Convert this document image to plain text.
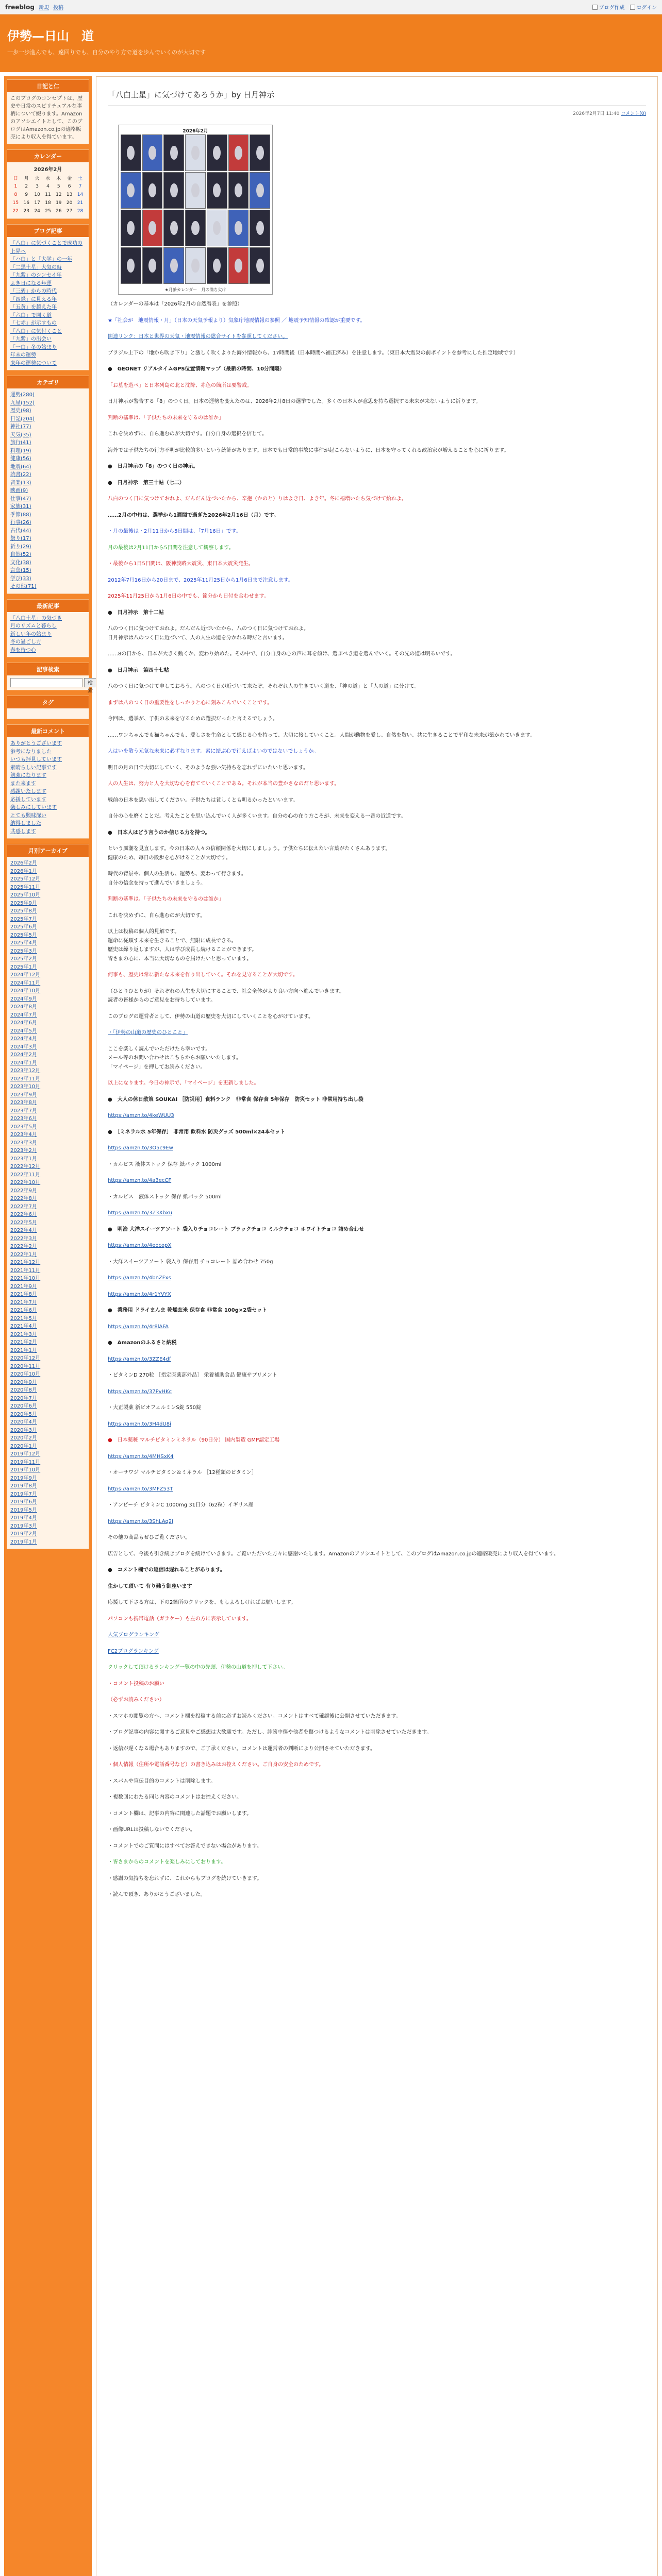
freeblog 新規 投稿	ブログ作成 ログイン
伊勢—日山　道
一歩一歩進んでも、遠回りでも、自分のやり方で道を歩んでいくのが大切です
日記と仁
このブログのコンセプトは、歴史や日常のスピリチュアルな事柄について綴ります。Amazonのアソシエイトとして、このブログはAmazon.co.jpの適格販売により収入を得ています。
カレンダー
2026年2月
日	月	火	水	木	金	土
1	2	3	4	5	6	7
8	9	10	11	12	13	14
15	16	17	18	19	20	21
22	23	24	25	26	27	28
ブログ記事
「八白」に気づくことで成功の上昇へ
「ハ白」と「大学」の一年
「二黒土星」大気の時
「九紫」のシンセイ年
よき日になる年運
「三碧」からの時代
「四緑」に見える年
「五黄」を越えた年
「六白」で開く道
「七赤」が示すもの
「八白」に気付くこと
「九紫」の出会い
「一白」冬の始まり
年末の運勢
来年の運勢について
カテゴリ
運勢(280)
九星(152)
歴史(98)
日記(204)
神社(77)
天気(35)
旅行(41)
料理(19)
健康(56)
地震(64)
読書(22)
音楽(13)
映画(9)
仕事(47)
家族(31)
季節(88)
行事(26)
古代(44)
祭り(17)
祈り(29)
自然(52)
文化(38)
言葉(15)
学び(33)
その他(71)
最新記事
「八白土星」の気づき
月のリズムと暮らし
新しい年の始まり
冬の過ごし方
春を待つ心
記事検索
検索
タグ
最新コメント
ありがとうございます
参考になりました
いつも拝見しています
素晴らしい記事です
勉強になります
また来ます
感謝いたします
応援しています
楽しみにしています
とても興味深い
納得しました
共感します
月別アーカイブ
2026年2月
2026年1月
2025年12月
2025年11月
2025年10月
2025年9月
2025年8月
2025年7月
2025年6月
2025年5月
2025年4月
2025年3月
2025年2月
2025年1月
2024年12月
2024年11月
2024年10月
2024年9月
2024年8月
2024年7月
2024年6月
2024年5月
2024年4月
2024年3月
2024年2月
2024年1月
2023年12月
2023年11月
2023年10月
2023年9月
2023年8月
2023年7月
2023年6月
2023年5月
2023年4月
2023年3月
2023年2月
2023年1月
2022年12月
2022年11月
2022年10月
2022年9月
2022年8月
2022年7月
2022年6月
2022年5月
2022年4月
2022年3月
2022年2月
2022年1月
2021年12月
2021年11月
2021年10月
2021年9月
2021年8月
2021年7月
2021年6月
2021年5月
2021年4月
2021年3月
2021年2月
2021年1月
2020年12月
2020年11月
2020年10月
2020年9月
2020年8月
2020年7月
2020年6月
2020年5月
2020年4月
2020年3月
2020年2月
2020年1月
2019年12月
2019年11月
2019年10月
2019年9月
2019年8月
2019年7月
2019年6月
2019年5月
2019年4月
2019年3月
2019年2月
2019年1月
「八白土星」に気づけてあろうか」by 日月神示
2026年2月7日 11:40 コメント(0)
2026年2月
★月齢カレンダー　月の満ち欠け

（カレンダーの基本は「2026年2月の自然暦表」を参照）

★「社会が　地震情報・月」（日本の天気予報より）気象庁地震情報の参照 ／ 地震予知情報の確認が重要です。

関連リンク：日本と世界の天気・地震情報の総合サイトを参照してください。

ブラジル上下の「地から吹き下り」と激しく吹くよりた海外情報から、17時間後（日本時間へ補正済み）を注意します。（東日本大震災の前ポイントを参考にした推定地域です）

●　GEONET リアルタイムGPS位置情報マップ（最新の時間、10分間隔）

「お墓を遊べ」と日本列島の北と沈降、赤色の箇所は要警戒。

日月神示が警告する「8」のつく日。日本の運勢を変えたのは、2026年2月8日の選挙でした。多くの日本人が意思を持ち選択する未来が来ないように祈ります。

判断の基準は、「子供たちの未来を守るのは誰か」

これを決めずに、自ら進むのが大切です。自分自身の選択を信じて。

海外では子供たちの行方不明が比較的多いという統計があります。日本でも日常的事故に事件が起こらないように、日本を守ってくれる政治家が増えることを心に祈ります。

●　日月神示の「8」のつく日の神示。

●　日月神示　第三十帖（七二）

八白のつく日に気つけておれよ、だんだん近づいたから、辛抱（かのと）りはよき日、よき年。冬に福増いたち気づけて給れよ。

……2月の中旬は、選挙から1週間で過ぎた2026年2月16日（月）です。

・月の最後は・2月11日から5日間は、「7月16日」です。

月の最後は2月11日から5日間を注意して観察します。

・最後から1日5日間は、阪神淡路大震災、東日本大震災発生。

2012年7月16日から20日まで、2025年11月25日から1月6日まで注意します。

2025年11月25日から1月6日の中でも、節分から日付を合わせます。

●　日月神示　第十二帖

八のつく日に気つけておれよ。だんだん近づいたから、八のつく日に気つけておれよ。
日月神示は八のつく日に近づいて、人の人生の道を分かれる時だと言います。

……8の日から、日本が大きく動くか、変わり始めた。その中で、自分自身の心の声に耳を傾け、選ぶべき道を選んでいく。その先の道は明るいです。

●　日月神示　第四十七帖

八のつく日に気つけて申しておろう。八のつく日が近づいて来たぞ。それぞれ人の生きていく道を、「神の道」と「人の道」に分けて。

まずは八のつく日の重要性をしっかりと心に刻みこんでいくことです。

今回は、選挙が、子供の未来を守るための選択だったと言えるでしょう。

……ワンちゃんでも猫ちゃんでも、愛しさを生命として感じる心を持って、大切に接していくこと。人間が動物を愛し、自然を敬い、共に生きることで平和な未来が築かれていきます。

人はいを敬う元気な未来に必ずなります。素に結ぶ心で行えばよいのではないでしょうか。

明日の月の日で大切にしていく、そのような強い気持ちを忘れずにいたいと思います。

人の人生は、努力と人を大切な心を育てていくことである。それが本当の豊かさなのだと思います。

戦前の日本を思い出してください。子供たちは貧しくとも明るかったといいます。

自分の心を磨くことだ。考えたことを思い込んでいく人が多くいます。自分の心の在り方こそが、未来を変える一番の近道です。

●　日本人はどう言うのか信じる力を持つ。

という風潮を見直します。今の日本の人々の信頼関係を大切にしましょう。子供たちに伝えたい言葉がたくさんあります。
健康のため、毎日の散歩を心がけることが大切です。

時代の背景や、個人の生活も、運勢も、変わって行きます。
自分の信念を持って進んでいきましょう。

判断の基準は、「子供たちの未来を守るのは誰か」

これを決めずに、自ら進むのが大切です。

以上は投稿の個人的見解です。
運命に従順す未来を生きることで、無限に成長できる。
歴史は繰り返しますが、人は学び成長し続けることができます。
皆さまの心に、本当に大切なものを届けたいと思っています。

何事も、歴史は常に新たな未来を作り出していく。それを見守ることが大切です。

（ひとりひとりが）それぞれの人生を大切にすることで、社会全体がより良い方向へ進んでいきます。
読者の皆様からのご意見をお待ちしています。

このブログの運営者として、伊勢の山道の歴史を大切にしていくことを心がけています。

・「伊勢の山道の歴史のひとこと」

ここを楽しく読んでいただけたら幸いです。
メール等のお問い合わせはこちらからお願いいたします。
「マイページ」を押してお読みください。

以上になります。今日の神示で、「マイページ」を更新しました。

●　大人の休日散策 SOUKAI ［防災用］食料ランク　非常食 保存食 5年保存　防災セット 非常用持ち出し袋

https://amzn.to/4keWUU3

●　［ミネラル水 5年保存］ 非常用 飲料水 防災グッズ 500ml×24本セット

https://amzn.to/3O5c9Ew

・カルピス 液体ストック 保存 紙パック 1000ml

https://amzn.to/4a3ecCF

・カルピス　液体ストック 保存 紙パック 500ml

https://amzn.to/3Z3Xbxu

●　明治 大洋スイーツアソート 袋入りチョコレート ブラックチョコ ミルクチョコ ホワイトチョコ 詰め合わせ

https://amzn.to/4eocopX

・大洋スイーツアソート 袋入り 保存用 チョコレート 詰め合わせ 750g

https://amzn.to/4bnZFxs

https://amzn.to/4r1YVYX

●　業務用 ドライまんま 乾燥玄米 保存食 非常食 100g×2袋セット

https://amzn.to/4r8lAFA

●　Amazonのふるさと納税

https://amzn.to/3ZZE4df

・ビタミンD 270粒 ［指定医薬部外品］ 栄養補助食品 健康サプリメント

https://amzn.to/37PvHKc

・大正製薬 新ビオフェルミンS錠 550錠

https://amzn.to/3H4dU8i

●　日本薬粧 マルチビタミンミネラル（90日分） 国内製造 GMP認定工場

https://amzn.to/4MHSxK4

・オーサワジ マルチビタミン＆ミネラル ［12種類のビタミン］

https://amzn.to/3MFZ53T

・アンビーチ ビタミンC 1000mg 31日分（62粒）イギリス産

https://amzn.to/3ShLAq2J

その他の商品もぜひご覧ください。

広告として、今後も引き続きブログを続けていきます。ご覧いただいた方々に感謝いたします。Amazonのアソシエイトとして、このブログはAmazon.co.jpの適格販売により収入を得ています。

●　コメント欄での返信は遅れることがあります。

生かして頂いて 有り難う御座います

応援して下さる方は、下の2箇所のクリックを、もしよろしければお願いします。

パソコンも携帯電話（ガラケー）も左の方に表示しています。

人気ブログランキング

FC2ブログランキング

クリックして頂けるランキング一覧の中の先頭、伊勢の山道を押して下さい。

・コメント投稿のお願い

（必ずお読みください）

・スマホの閲覧の方へ、コメント欄を投稿する前に必ずお読みください。コメントはすべて確認後に公開させていただきます。

・ブログ記事の内容に関するご意見やご感想は大歓迎です。ただし、誹謗中傷や他者を傷つけるようなコメントは削除させていただきます。

・返信が遅くなる場合もありますので、ご了承ください。コメントは運営者の判断により公開させていただきます。

・個人情報（住所や電話番号など）の書き込みはお控えください。ご自身の安全のためです。

・スパムや宣伝目的のコメントは削除します。

・複数回にわたる同じ内容のコメントはお控えください。

・コメント欄は、記事の内容に関連した話題でお願いします。

・画像URLは投稿しないでください。

・コメントでのご質問にはすべてお答えできない場合があります。

・皆さまからのコメントを楽しみにしております。

・感謝の気持ちを忘れずに、これからもブログを続けていきます。

・読んで頂き、ありがとうございました。
